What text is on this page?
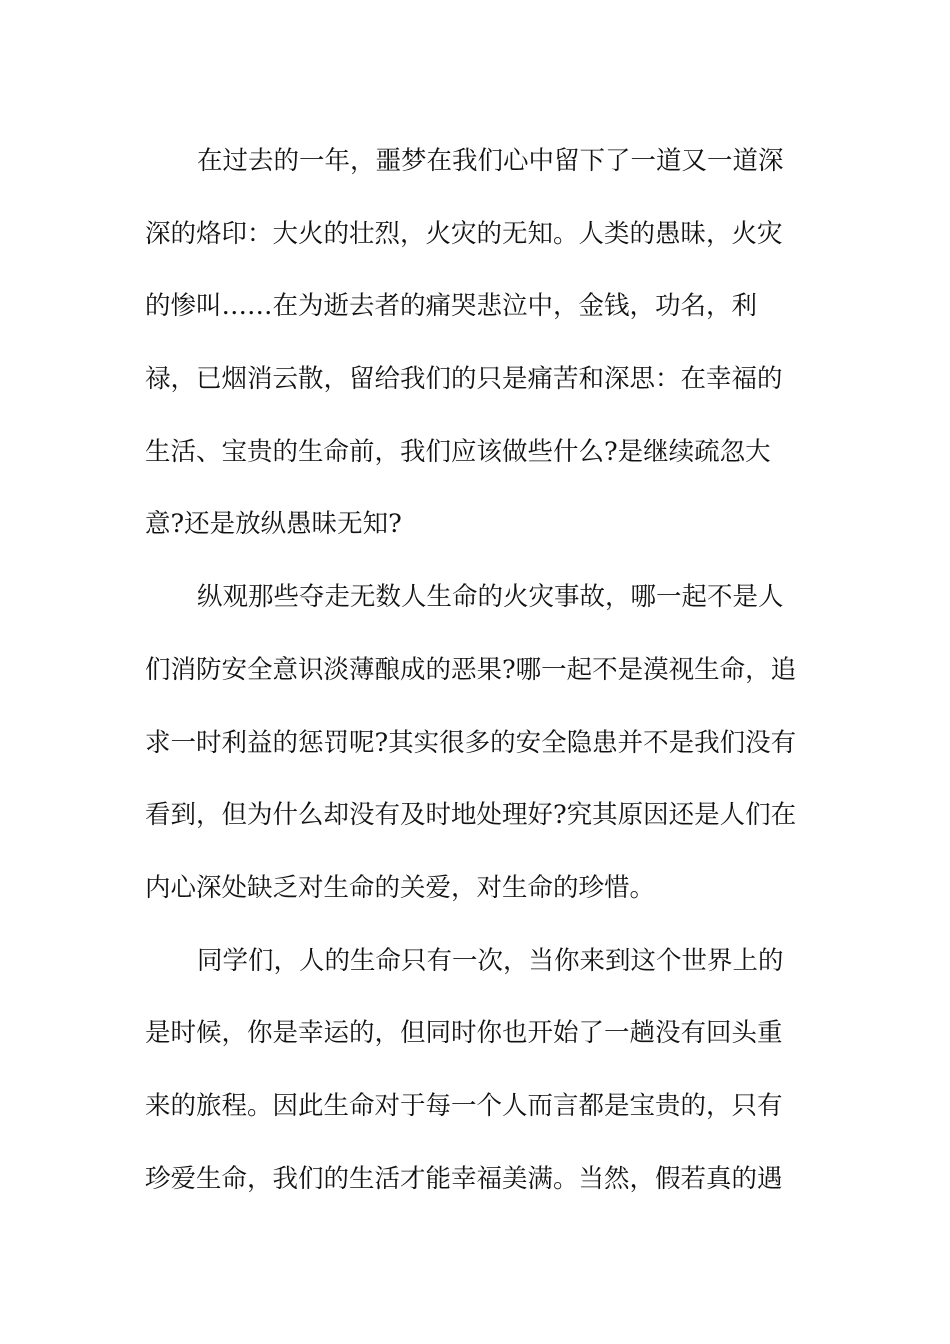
在过去的一年，噩梦在我们心中留下了一道又一道深
深的烙印：大火的壮烈，火灾的无知。人类的愚昧，火灾
的惨叫……在为逝去者的痛哭悲泣中，金钱，功名，利
禄，已烟消云散，留给我们的只是痛苦和深思：在幸福的
生活、宝贵的生命前，我们应该做些什么?是继续疏忽大
意?还是放纵愚昧无知?
纵观那些夺走无数人生命的火灾事故，哪一起不是人
们消防安全意识淡薄酿成的恶果?哪一起不是漠视生命，追
求一时利益的惩罚呢?其实很多的安全隐患并不是我们没有
看到，但为什么却没有及时地处理好?究其原因还是人们在
内心深处缺乏对生命的关爱，对生命的珍惜。
同学们，人的生命只有一次，当你来到这个世界上的
是时候，你是幸运的，但同时你也开始了一趟没有回头重
来的旅程。因此生命对于每一个人而言都是宝贵的，只有
珍爱生命，我们的生活才能幸福美满。当然，假若真的遇
